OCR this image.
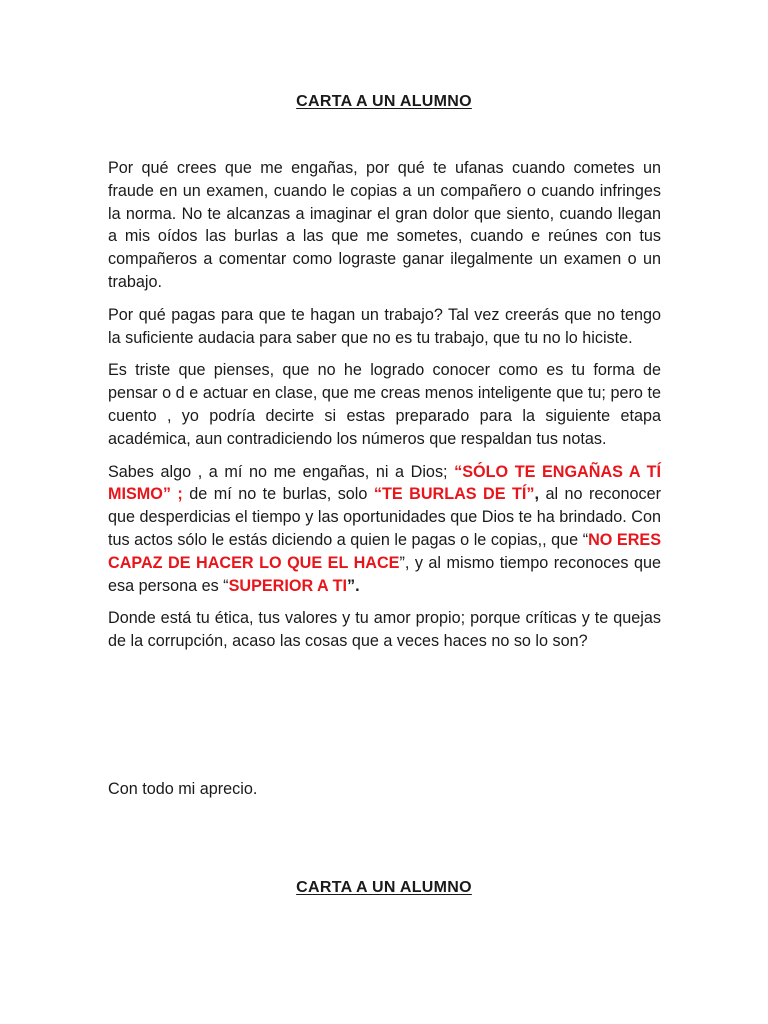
CARTA A UN ALUMNO

Por qué crees que me engañas, por qué te ufanas cuando cometes un fraude en un examen, cuando le copias a un compañero o cuando infringes la norma. No te alcanzas a imaginar el gran dolor que siento, cuando llegan a mis oídos las burlas a las que me sometes, cuando e reúnes con tus compañeros a comentar como lograste ganar ilegalmente un examen o un trabajo.

Por qué pagas para que te hagan un trabajo? Tal vez creerás que no tengo la suficiente audacia para saber que no es tu trabajo, que tu no lo hiciste.

Es triste que pienses, que no he logrado conocer como es tu forma de pensar o d e actuar en clase, que me creas menos inteligente que tu; pero te cuento , yo podría decirte si estas preparado para la siguiente etapa académica, aun contradiciendo los números que respaldan tus notas.

Sabes algo , a mí no me engañas, ni a Dios; “SÓLO TE ENGAÑAS A TÍ MISMO” ; de mí no te burlas, solo “TE BURLAS DE TÍ”, al no reconocer que desperdicias el tiempo y las oportunidades que Dios te ha brindado. Con tus actos sólo le estás diciendo a quien le pagas o le copias,, que “NO ERES CAPAZ DE HACER LO QUE EL HACE”, y al mismo tiempo reconoces que esa persona es “SUPERIOR A TI”.

Donde está tu ética, tus valores y tu amor propio; porque críticas y te quejas de la corrupción, acaso las cosas que a veces haces no so lo son?

Con todo mi aprecio.

CARTA A UN ALUMNO
